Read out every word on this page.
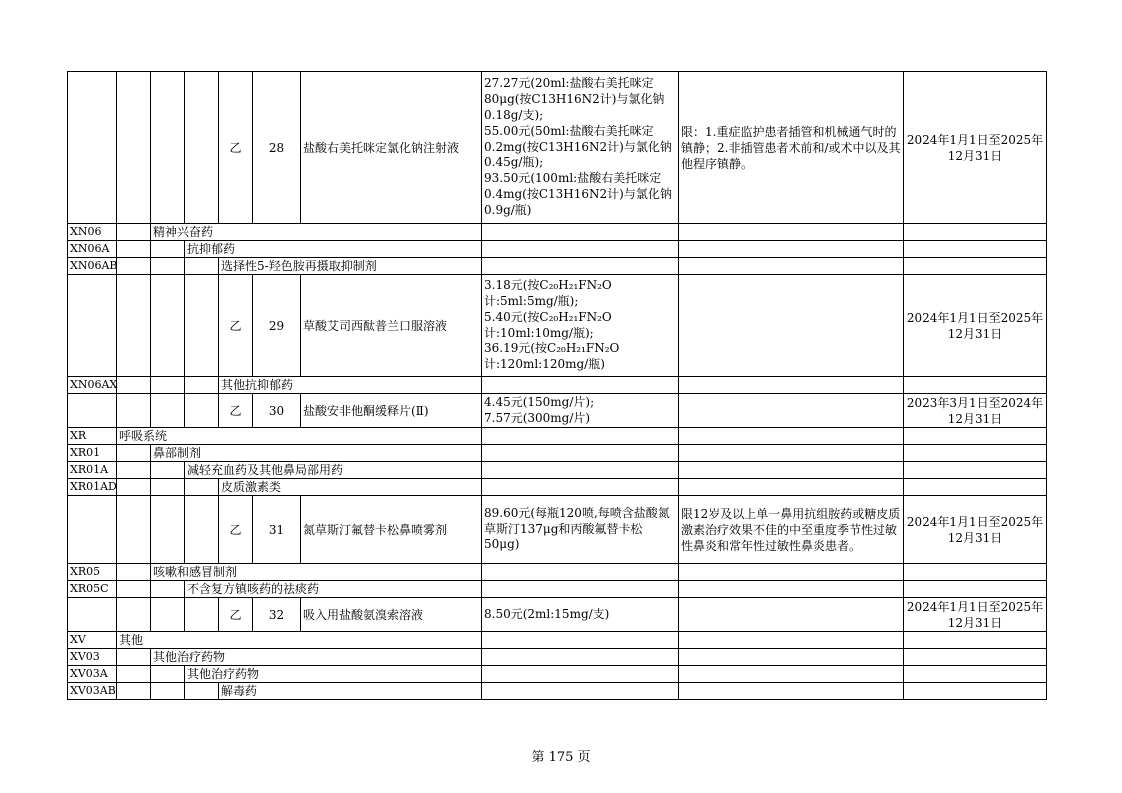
				乙	28	盐酸右美托咪定氯化钠注射液	27.27元(20ml:盐酸右美托咪定80μg(按C13H16N2计)与氯化钠0.18g/支);
55.00元(50ml:盐酸右美托咪定0.2mg(按C13H16N2计)与氯化钠0.45g/瓶);
93.50元(100ml:盐酸右美托咪定0.4mg(按C13H16N2计)与氯化钠0.9g/瓶)	限：1.重症监护患者插管和机械通气时的镇静；2.非插管患者术前和/或术中以及其他程序镇静。	2024年1月1日至2025年12月31日
XN06		精神兴奋药							
XN06A			抗抑郁药						
XN06AB				选择性5-羟色胺再摄取抑制剂					
				乙	29	草酸艾司西酞普兰口服溶液	3.18元(按C₂₀H₂₁FN₂O计:5ml:5mg/瓶);
5.40元(按C₂₀H₂₁FN₂O计:10ml:10mg/瓶);
36.19元(按C₂₀H₂₁FN₂O计:120ml:120mg/瓶)		2024年1月1日至2025年12月31日
XN06AX				其他抗抑郁药					
				乙	30	盐酸安非他酮缓释片(Ⅱ)	4.45元(150mg/片);
7.57元(300mg/片)		2023年3月1日至2024年12月31日
XR	呼吸系统								
XR01		鼻部制剂							
XR01A			减轻充血药及其他鼻局部用药						
XR01AD				皮质激素类					
				乙	31	氮草斯汀氟替卡松鼻喷雾剂	89.60元(每瓶120喷,每喷含盐酸氮草斯汀137μg和丙酸氟替卡松50μg)	限12岁及以上单一鼻用抗组胺药或糖皮质激素治疗效果不佳的中至重度季节性过敏性鼻炎和常年性过敏性鼻炎患者。	2024年1月1日至2025年12月31日
XR05		咳嗽和感冒制剂							
XR05C			不含复方镇咳药的祛痰药						
				乙	32	吸入用盐酸氨溴索溶液	8.50元(2ml:15mg/支)		2024年1月1日至2025年12月31日
XV	其他								
XV03		其他治疗药物							
XV03A			其他治疗药物						
XV03AB				解毒药					
第 175 页
